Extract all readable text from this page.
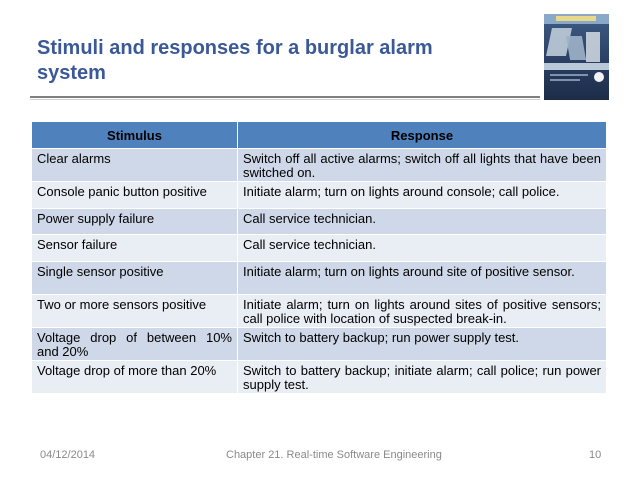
Stimuli and responses for a burglar alarm system
Stimulus	Response
Clear alarms	Switch off all active alarms; switch off all lights that have been switched on.
Console panic button positive	Initiate alarm; turn on lights around console; call police.
Power supply failure	Call service technician.
Sensor failure	Call service technician.
Single sensor positive	Initiate alarm; turn on lights around site of positive sensor.
Two or more sensors positive	Initiate alarm; turn on lights around sites of positive sensors; call police with location of suspected break-in.
Voltage drop of between 10% and 20%	Switch to battery backup; run power supply test.
Voltage drop of more than 20%	Switch to battery backup; initiate alarm; call police; run power supply test.
04/12/2014	Chapter 21. Real-time Software Engineering	10
